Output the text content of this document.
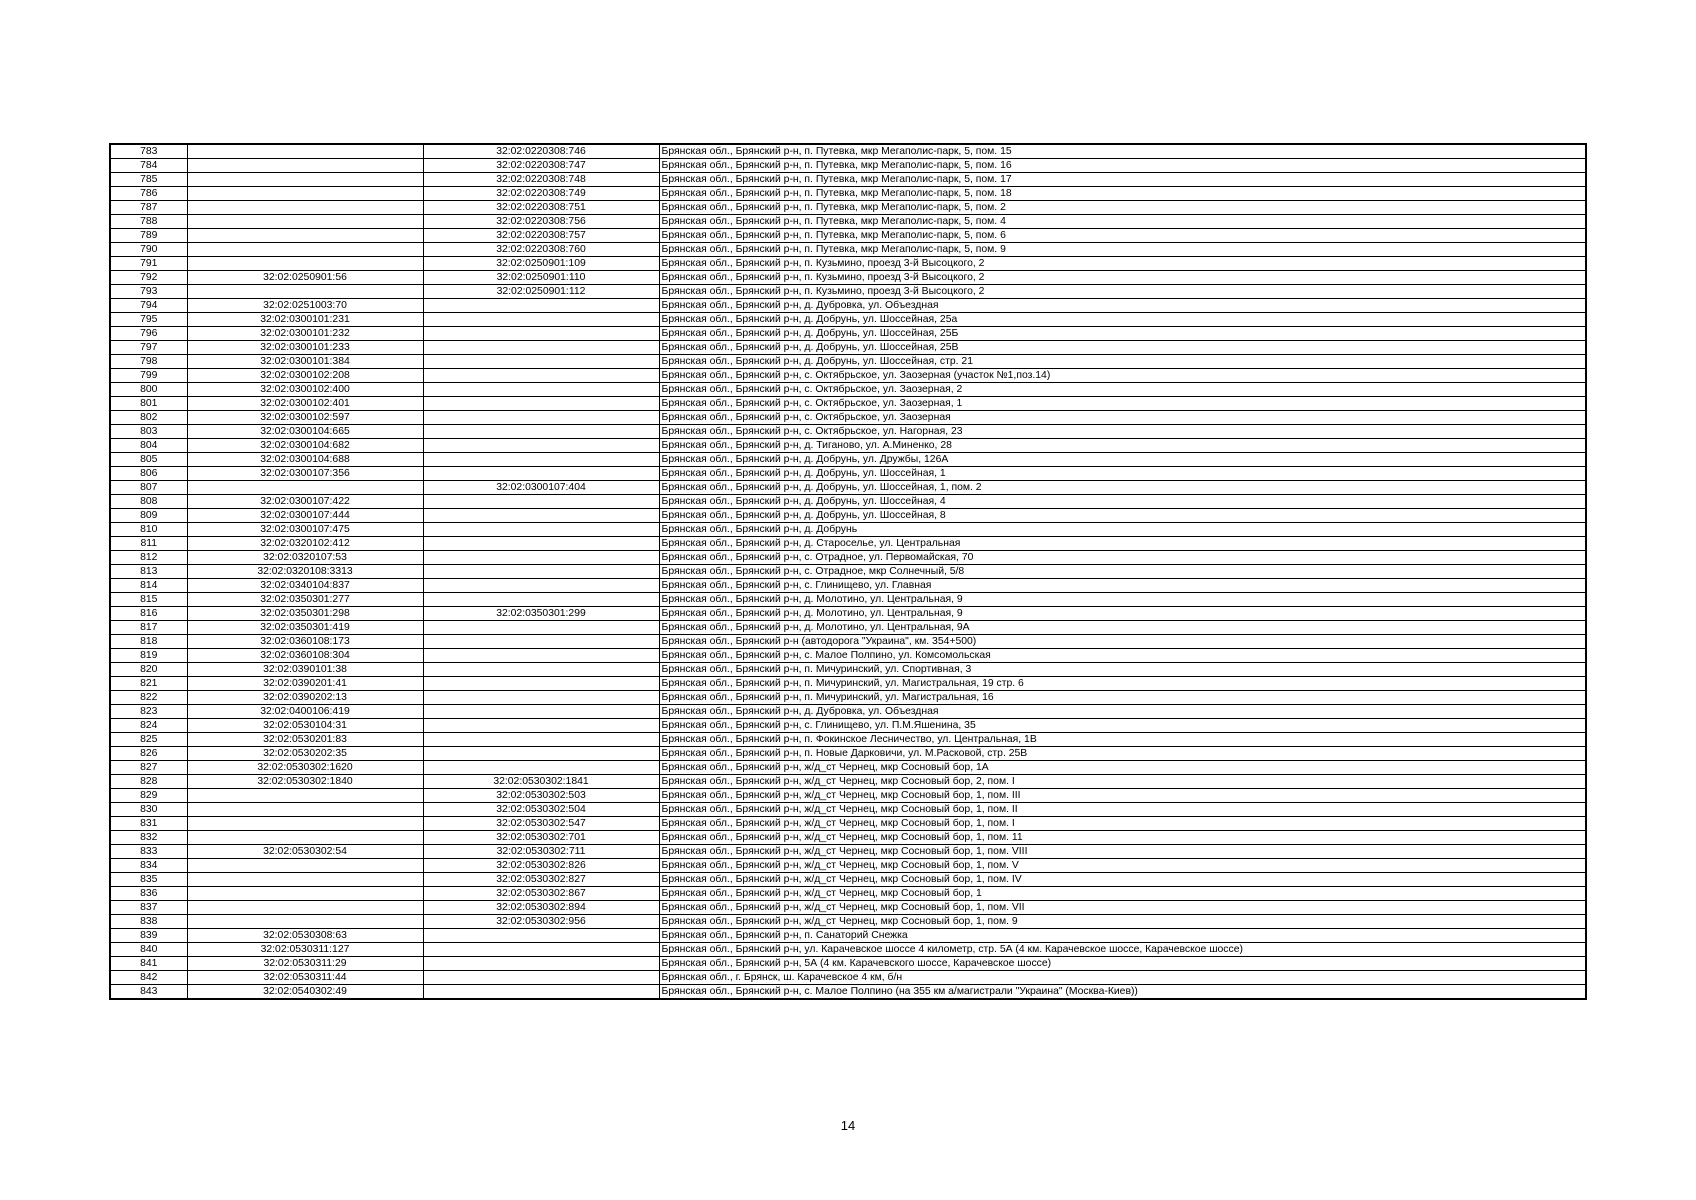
783		32:02:0220308:746	Брянская обл., Брянский р-н, п. Путевка, мкр Мегаполис-парк, 5, пом. 15
784		32:02:0220308:747	Брянская обл., Брянский р-н, п. Путевка, мкр Мегаполис-парк, 5, пом. 16
785		32:02:0220308:748	Брянская обл., Брянский р-н, п. Путевка, мкр Мегаполис-парк, 5, пом. 17
786		32:02:0220308:749	Брянская обл., Брянский р-н, п. Путевка, мкр Мегаполис-парк, 5, пом. 18
787		32:02:0220308:751	Брянская обл., Брянский р-н, п. Путевка, мкр Мегаполис-парк, 5, пом. 2
788		32:02:0220308:756	Брянская обл., Брянский р-н, п. Путевка, мкр Мегаполис-парк, 5, пом. 4
789		32:02:0220308:757	Брянская обл., Брянский р-н, п. Путевка, мкр Мегаполис-парк, 5, пом. 6
790		32:02:0220308:760	Брянская обл., Брянский р-н, п. Путевка, мкр Мегаполис-парк, 5, пом. 9
791		32:02:0250901:109	Брянская обл., Брянский р-н, п. Кузьмино, проезд 3-й Высоцкого, 2
792	32:02:0250901:56	32:02:0250901:110	Брянская обл., Брянский р-н, п. Кузьмино, проезд 3-й Высоцкого, 2
793		32:02:0250901:112	Брянская обл., Брянский р-н, п. Кузьмино, проезд 3-й Высоцкого, 2
794	32:02:0251003:70		Брянская обл., Брянский р-н, д. Дубровка, ул. Объездная
795	32:02:0300101:231		Брянская обл., Брянский р-н, д. Добрунь, ул. Шоссейная, 25а
796	32:02:0300101:232		Брянская обл., Брянский р-н, д. Добрунь, ул. Шоссейная, 25Б
797	32:02:0300101:233		Брянская обл., Брянский р-н, д. Добрунь, ул. Шоссейная, 25В
798	32:02:0300101:384		Брянская обл., Брянский р-н, д. Добрунь, ул. Шоссейная, стр. 21
799	32:02:0300102:208		Брянская обл., Брянский р-н, с. Октябрьское, ул. Заозерная (участок №1,поз.14)
800	32:02:0300102:400		Брянская обл., Брянский р-н, с. Октябрьское, ул. Заозерная, 2
801	32:02:0300102:401		Брянская обл., Брянский р-н, с. Октябрьское, ул. Заозерная, 1
802	32:02:0300102:597		Брянская обл., Брянский р-н, с. Октябрьское, ул. Заозерная
803	32:02:0300104:665		Брянская обл., Брянский р-н, с. Октябрьское, ул. Нагорная, 23
804	32:02:0300104:682		Брянская обл., Брянский р-н, д. Тиганово, ул. А.Миненко, 28
805	32:02:0300104:688		Брянская обл., Брянский р-н, д. Добрунь, ул. Дружбы, 126А
806	32:02:0300107:356		Брянская обл., Брянский р-н, д. Добрунь, ул. Шоссейная, 1
807		32:02:0300107:404	Брянская обл., Брянский р-н, д. Добрунь, ул. Шоссейная, 1, пом. 2
808	32:02:0300107:422		Брянская обл., Брянский р-н, д. Добрунь, ул. Шоссейная, 4
809	32:02:0300107:444		Брянская обл., Брянский р-н, д. Добрунь, ул. Шоссейная, 8
810	32:02:0300107:475		Брянская обл., Брянский р-н, д. Добрунь
811	32:02:0320102:412		Брянская обл., Брянский р-н, д. Староселье, ул. Центральная
812	32:02:0320107:53		Брянская обл., Брянский р-н, с. Отрадное, ул. Первомайская, 70
813	32:02:0320108:3313		Брянская обл., Брянский р-н, с. Отрадное, мкр Солнечный, 5/8
814	32:02:0340104:837		Брянская обл., Брянский р-н, с. Глинищево, ул. Главная
815	32:02:0350301:277		Брянская обл., Брянский р-н, д. Молотино, ул. Центральная, 9
816	32:02:0350301:298	32:02:0350301:299	Брянская обл., Брянский р-н, д. Молотино, ул. Центральная, 9
817	32:02:0350301:419		Брянская обл., Брянский р-н, д. Молотино, ул. Центральная, 9А
818	32:02:0360108:173		Брянская обл., Брянский р-н (автодорога "Украина", км. 354+500)
819	32:02:0360108:304		Брянская обл., Брянский р-н, с. Малое Полпино, ул. Комсомольская
820	32:02:0390101:38		Брянская обл., Брянский р-н, п. Мичуринский, ул. Спортивная, 3
821	32:02:0390201:41		Брянская обл., Брянский р-н, п. Мичуринский, ул. Магистральная, 19 стр. 6
822	32:02:0390202:13		Брянская обл., Брянский р-н, п. Мичуринский, ул. Магистральная, 16
823	32:02:0400106:419		Брянская обл., Брянский р-н, д. Дубровка, ул. Объездная
824	32:02:0530104:31		Брянская обл., Брянский р-н, с. Глинищево, ул. П.М.Яшенина, 35
825	32:02:0530201:83		Брянская обл., Брянский р-н, п. Фокинское Лесничество, ул. Центральная, 1В
826	32:02:0530202:35		Брянская обл., Брянский р-н, п. Новые Дарковичи, ул. М.Расковой, стр. 25В
827	32:02:0530302:1620		Брянская обл., Брянский р-н, ж/д_ст Чернец, мкр Сосновый бор, 1А
828	32:02:0530302:1840	32:02:0530302:1841	Брянская обл., Брянский р-н, ж/д_ст Чернец, мкр Сосновый бор, 2, пом. I
829		32:02:0530302:503	Брянская обл., Брянский р-н, ж/д_ст Чернец, мкр Сосновый бор, 1, пом. III
830		32:02:0530302:504	Брянская обл., Брянский р-н, ж/д_ст Чернец, мкр Сосновый бор, 1, пом. II
831		32:02:0530302:547	Брянская обл., Брянский р-н, ж/д_ст Чернец, мкр Сосновый бор, 1, пом. I
832		32:02:0530302:701	Брянская обл., Брянский р-н, ж/д_ст Чернец, мкр Сосновый бор, 1, пом. 11
833	32:02:0530302:54	32:02:0530302:711	Брянская обл., Брянский р-н, ж/д_ст Чернец, мкр Сосновый бор, 1, пом. VIII
834		32:02:0530302:826	Брянская обл., Брянский р-н, ж/д_ст Чернец, мкр Сосновый бор, 1, пом. V
835		32:02:0530302:827	Брянская обл., Брянский р-н, ж/д_ст Чернец, мкр Сосновый бор, 1, пом. IV
836		32:02:0530302:867	Брянская обл., Брянский р-н, ж/д_ст Чернец, мкр Сосновый бор, 1
837		32:02:0530302:894	Брянская обл., Брянский р-н, ж/д_ст Чернец, мкр Сосновый бор, 1, пом. VII
838		32:02:0530302:956	Брянская обл., Брянский р-н, ж/д_ст Чернец, мкр Сосновый бор, 1, пом. 9
839	32:02:0530308:63		Брянская обл., Брянский р-н, п. Санаторий Снежка
840	32:02:0530311:127		Брянская обл., Брянский р-н, ул. Карачевское шоссе 4 километр, стр. 5А (4 км. Карачевское шоссе, Карачевское шоссе)
841	32:02:0530311:29		Брянская обл., Брянский р-н, 5А (4 км. Карачевского шоссе, Карачевское шоссе)
842	32:02:0530311:44		Брянская обл., г. Брянск, ш. Карачевское 4 км, б/н
843	32:02:0540302:49		Брянская обл., Брянский р-н, с. Малое Полпино (на 355 км а/магистрали "Украина" (Москва-Киев))
14
